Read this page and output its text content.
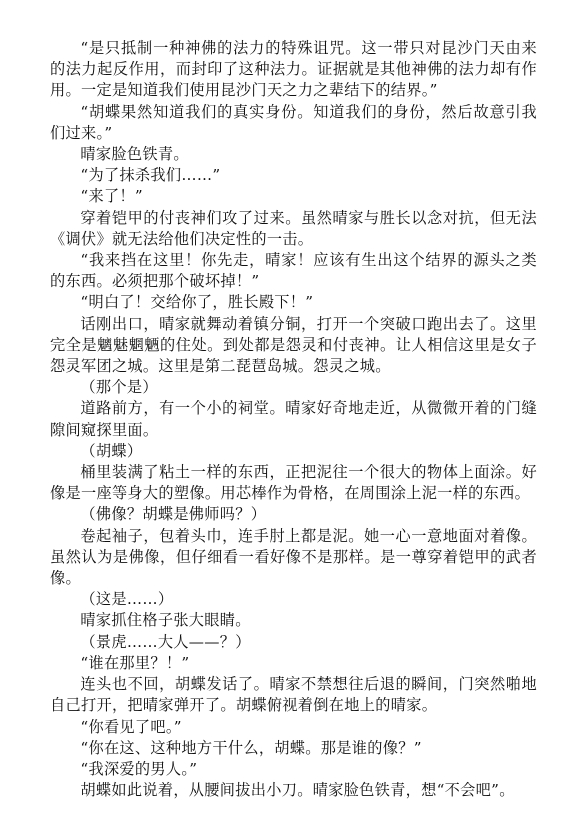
“是只抵制一种神佛的法力的特殊诅咒。这一带只对昆沙门天由来的法力起反作用，而封印了这种法力。证据就是其他神佛的法力却有作用。一定是知道我们使用昆沙门天之力之辈结下的结界。”

“胡蝶果然知道我们的真实身份。知道我们的身份，然后故意引我们过来。”

晴家脸色铁青。

“为了抹杀我们……”

“来了！”

穿着铠甲的付丧神们攻了过来。虽然晴家与胜长以念对抗，但无法《调伏》就无法给他们决定性的一击。

“我来挡在这里！你先走，晴家！应该有生出这个结界的源头之类的东西。必须把那个破坏掉！”

“明白了！交给你了，胜长殿下！”

话刚出口，晴家就舞动着镇分铜，打开一个突破口跑出去了。这里完全是魑魅魍魉的住处。到处都是怨灵和付丧神。让人相信这里是女子怨灵军团之城。这里是第二琵琶岛城。怨灵之城。

（那个是）

道路前方，有一个小的祠堂。晴家好奇地走近，从微微开着的门缝隙间窥探里面。

（胡蝶）

桶里装满了粘土一样的东西，正把泥往一个很大的物体上面涂。好像是一座等身大的塑像。用芯棒作为骨格，在周围涂上泥一样的东西。

（佛像？胡蝶是佛师吗？）

卷起袖子，包着头巾，连手肘上都是泥。她一心一意地面对着像。虽然认为是佛像，但仔细看一看好像不是那样。是一尊穿着铠甲的武者像。

（这是……）

晴家抓住格子张大眼睛。

（景虎……大人——？）

“谁在那里？！”

连头也不回，胡蝶发话了。晴家不禁想往后退的瞬间，门突然啪地自己打开，把晴家弹开了。胡蝶俯视着倒在地上的晴家。

“你看见了吧。”

“你在这、这种地方干什么，胡蝶。那是谁的像？”

“我深爱的男人。”

胡蝶如此说着，从腰间拔出小刀。晴家脸色铁青，想“不会吧”。
